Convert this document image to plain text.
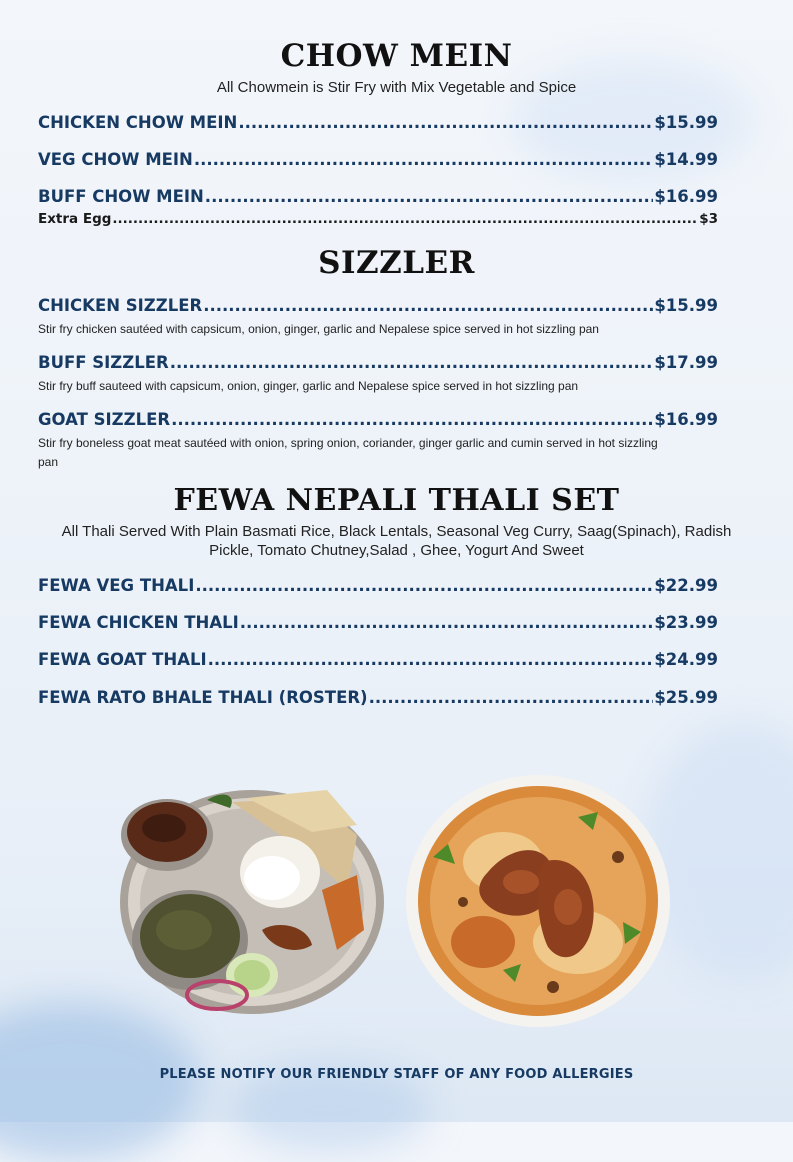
CHOW MEIN

All Chowmein is Stir Fry with Mix Vegetable and Spice

CHICKEN CHOW MEIN .....	$15.99
VEG CHOW MEIN .....	$14.99
BUFF CHOW MEIN .....	$16.99
Extra Egg .....	$3
SIZZLER
CHICKEN SIZZLER .....	$15.99

Stir fry chicken sautéed with capsicum, onion, ginger, garlic and Nepalese spice served in hot sizzling pan

BUFF SIZZLER .....	$17.99

Stir fry buff sauteed with capsicum, onion, ginger, garlic and Nepalese spice served in hot sizzling pan

GOAT SIZZLER .....	$16.99

Stir fry boneless goat meat sautéed with onion, spring onion, coriander, ginger garlic and cumin served in hot sizzling pan

FEWA NEPALI THALI SET

All Thali Served With Plain Basmati Rice, Black Lentals, Seasonal Veg Curry, Saag(Spinach), Radish Pickle, Tomato Chutney,Salad , Ghee, Yogurt And Sweet

FEWA VEG THALI .....	$22.99
FEWA CHICKEN THALI .....	$23.99
FEWA GOAT THALI .....	$24.99
FEWA RATO BHALE THALI (ROSTER) .....	$25.99
PLEASE NOTIFY OUR FRIENDLY STAFF OF ANY FOOD ALLERGIES
